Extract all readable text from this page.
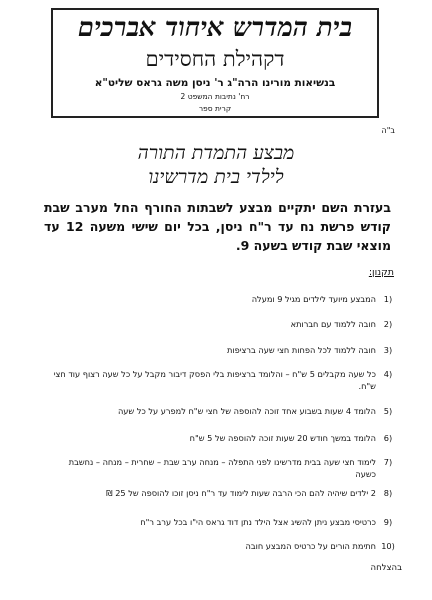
בית המדרש איחוד אברכים
דקהילת החסידים
בנשיאות מורינו הרה"ג ר' ניסן משה גראס שליט"א
רח' נתיבות המשפט 2
קרית ספר
ב"ה
מבצע התמדת התורה
לילדי בית מדרשינו
בעזרת השם יתקיים מבצע לשבתות החורף החל מערב שבת קודש פרשת נח עד ר"ח ניסן, בכל יום שישי משעה 12 עד מוצאי שבת קודש בשעה 9.
תקנון:
1)
המבצע מיועד לילדים מגיל 9 ומעלה
2)
חובה ללמוד עם חברותא
3)
חובה ללמוד לכל הפחות חצי שעה ברציפות
4)
כל שעה מקבלים 5 ש"ח – והלומד ברציפות בלי הפסק דיבור מקבל על כל שעה רצוף עוד חצי ש"ח.
5)
הלומד 4 שעות בשבוע אחד זוכה להוספה של חצי ש"ח למפרע על כל שעה
6)
הלומד במשך חודש 20 שעות זוכה להוספה של 5 ש"ח
7)
לימוד חצי שעה בבית מדרשינו לפני התפלה – מנחה ערב שבת – שחרית – מנחה – נחשבת כשעה
8)
2 ילדים שיהיה להם הכי הרבה שעות לימוד עד ר"ח ניסן זוכו להוספה של 25 ₪
9)
כרטיסי מבצע ניתן להשיג אצל הילד נתן דוד גראס הי"ו בכל ערב ר"ח
10)
חתימת הורים על כרטיס המבצע חובה
בהצלחה
